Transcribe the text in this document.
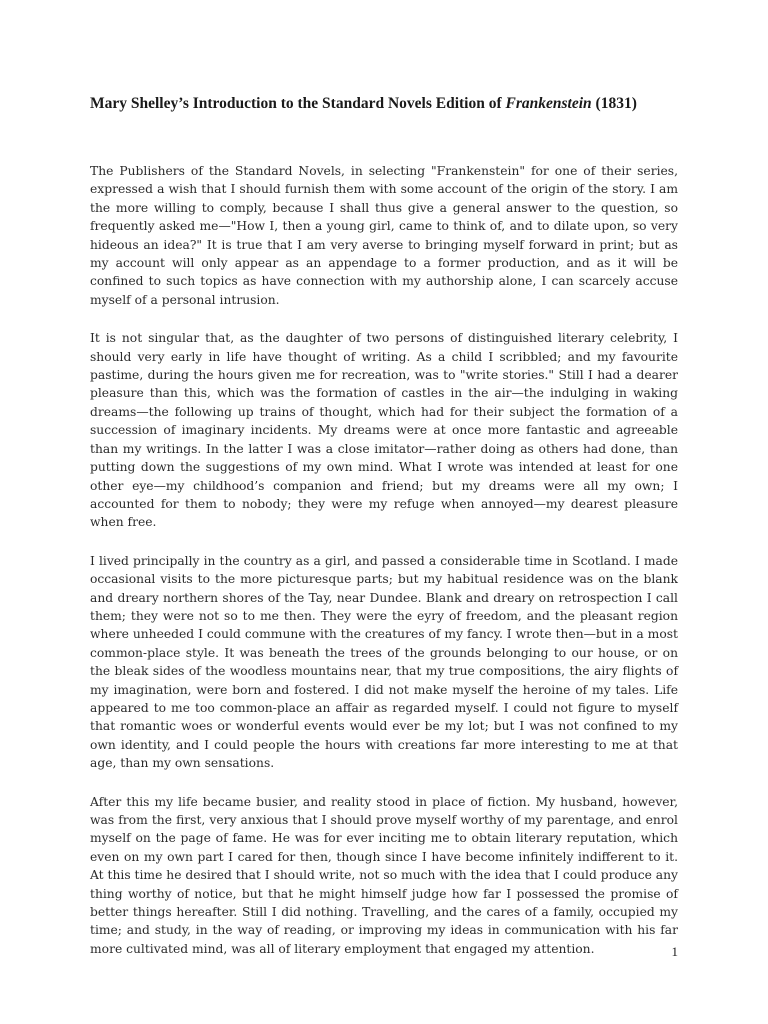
Mary Shelley’s Introduction to the Standard Novels Edition of Frankenstein (1831)

The Publishers of the Standard Novels, in selecting "Frankenstein" for one of their series, expressed a wish that I should furnish them with some account of the origin of the story. I am the more willing to comply, because I shall thus give a general answer to the question, so frequently asked me—"How I, then a young girl, came to think of, and to dilate upon, so very hideous an idea?" It is true that I am very averse to bringing myself forward in print; but as my account will only appear as an appendage to a former production, and as it will be confined to such topics as have connection with my authorship alone, I can scarcely accuse myself of a personal intrusion.

It is not singular that, as the daughter of two persons of distinguished literary celebrity, I should very early in life have thought of writing. As a child I scribbled; and my favourite pastime, during the hours given me for recreation, was to "write stories." Still I had a dearer pleasure than this, which was the formation of castles in the air—the indulging in waking dreams—the following up trains of thought, which had for their subject the formation of a succession of imaginary incidents. My dreams were at once more fantastic and agreeable than my writings. In the latter I was a close imitator—rather doing as others had done, than putting down the suggestions of my own mind. What I wrote was intended at least for one other eye—my childhood’s companion and friend; but my dreams were all my own; I accounted for them to nobody; they were my refuge when annoyed—my dearest pleasure when free.

I lived principally in the country as a girl, and passed a considerable time in Scotland. I made occasional visits to the more picturesque parts; but my habitual residence was on the blank and dreary northern shores of the Tay, near Dundee. Blank and dreary on retrospection I call them; they were not so to me then. They were the eyry of freedom, and the pleasant region where unheeded I could commune with the creatures of my fancy. I wrote then—but in a most common-place style. It was beneath the trees of the grounds belonging to our house, or on the bleak sides of the woodless mountains near, that my true compositions, the airy flights of my imagination, were born and fostered. I did not make myself the heroine of my tales. Life appeared to me too common-place an affair as regarded myself. I could not figure to myself that romantic woes or wonderful events would ever be my lot; but I was not confined to my own identity, and I could people the hours with creations far more interesting to me at that age, than my own sensations.

After this my life became busier, and reality stood in place of fiction. My husband, however, was from the first, very anxious that I should prove myself worthy of my parentage, and enrol myself on the page of fame. He was for ever inciting me to obtain literary reputation, which even on my own part I cared for then, though since I have become infinitely indifferent to it. At this time he desired that I should write, not so much with the idea that I could produce any thing worthy of notice, but that he might himself judge how far I possessed the promise of better things hereafter. Still I did nothing. Travelling, and the cares of a family, occupied my time; and study, in the way of reading, or improving my ideas in communication with his far more cultivated mind, was all of literary employment that engaged my attention.	1
